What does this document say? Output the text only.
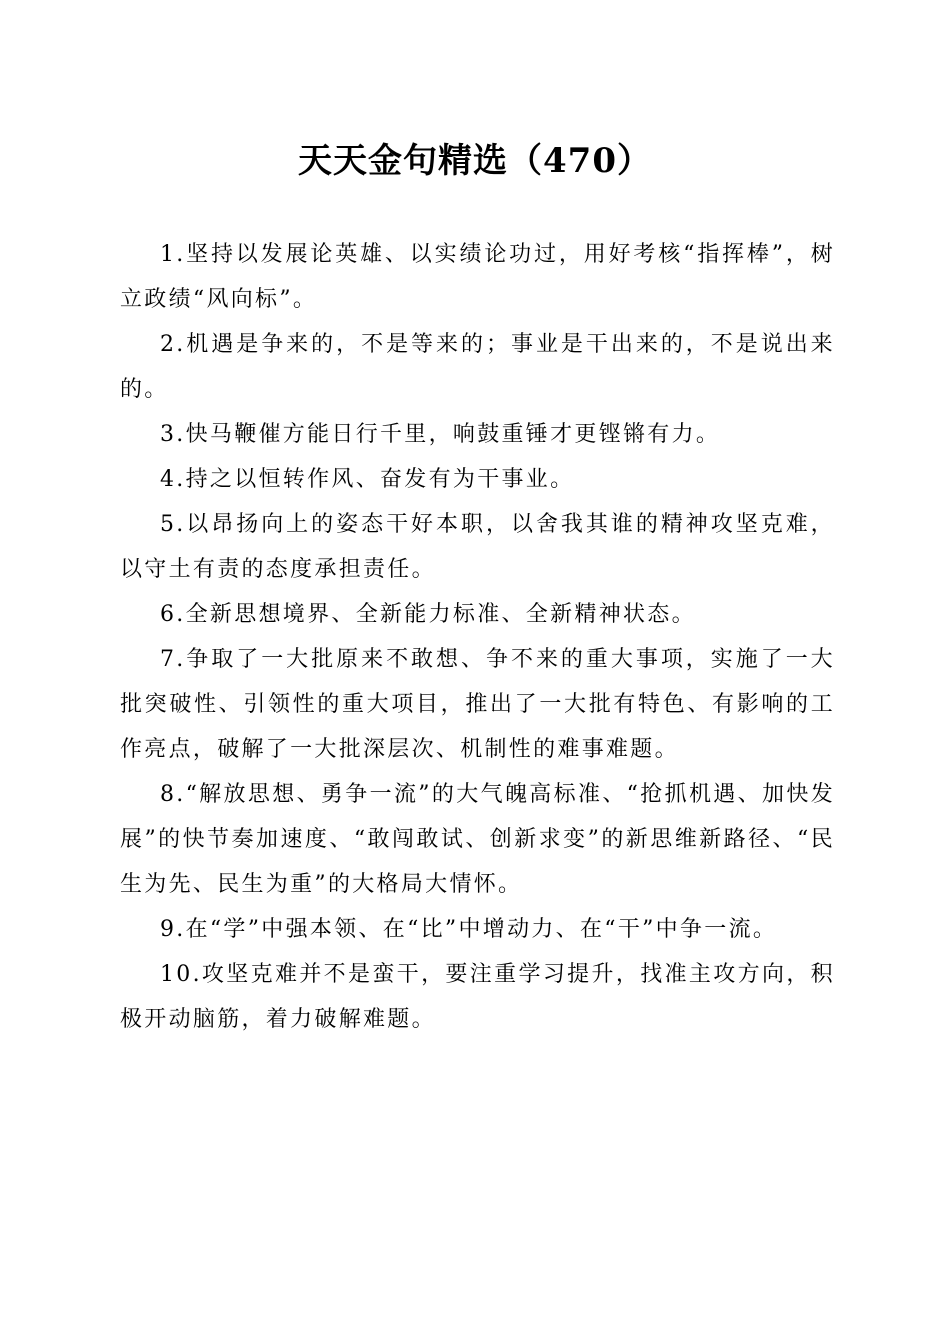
天天金句精选（470）

1.坚持以发展论英雄、以实绩论功过，用好考核“指挥棒”，树立政绩“风向标”。

2.机遇是争来的，不是等来的；事业是干出来的，不是说出来的。

3.快马鞭催方能日行千里，响鼓重锤才更铿锵有力。

4.持之以恒转作风、奋发有为干事业。

5.以昂扬向上的姿态干好本职，以舍我其谁的精神攻坚克难，以守土有责的态度承担责任。

6.全新思想境界、全新能力标准、全新精神状态。

7.争取了一大批原来不敢想、争不来的重大事项，实施了一大批突破性、引领性的重大项目，推出了一大批有特色、有影响的工作亮点，破解了一大批深层次、机制性的难事难题。

8.“解放思想、勇争一流”的大气魄高标准、“抢抓机遇、加快发展”的快节奏加速度、“敢闯敢试、创新求变”的新思维新路径、“民生为先、民生为重”的大格局大情怀。

9.在“学”中强本领、在“比”中增动力、在“干”中争一流。

10.攻坚克难并不是蛮干，要注重学习提升，找准主攻方向，积极开动脑筋，着力破解难题。
